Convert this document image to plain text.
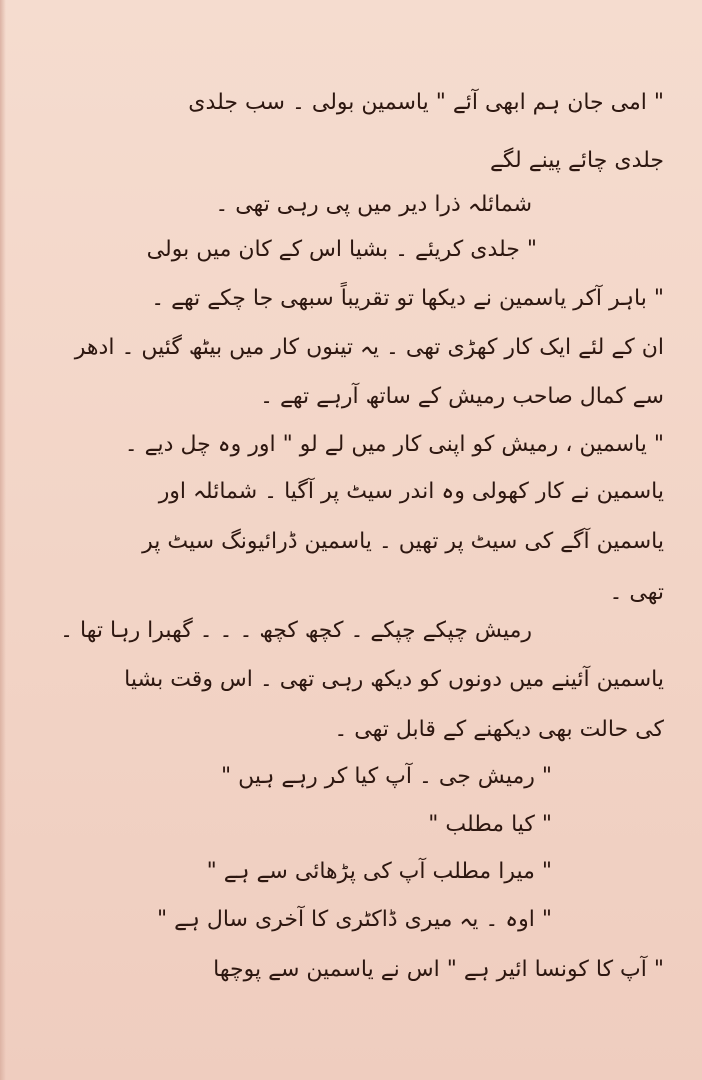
" امی جان ہم ابھی آئے " یاسمین بولی ۔ سب جلدی
جلدی چائے پینے لگے
شمائلہ ذرا دیر میں پی رہی تھی ۔
" جلدی کریئے ۔ بشیا اس کے کان میں بولی
" باہر آکر یاسمین نے دیکھا تو تقریباً سبھی جا چکے تھے ۔
ان کے لئے ایک کار کھڑی تھی ۔ یہ تینوں کار میں بیٹھ گئیں ۔ ادھر
سے کمال صاحب رمیش کے ساتھ آرہے تھے ۔
" یاسمین ، رمیش کو اپنی کار میں لے لو " اور وہ چل دیے ۔
یاسمین نے کار کھولی وہ اندر سیٹ پر آگیا ۔ شمائلہ اور
یاسمین آگے کی سیٹ پر تھیں ۔ یاسمین ڈرائیونگ سیٹ پر
تھی ۔
رمیش چپکے چپکے ۔ کچھ کچھ ۔ ۔ ۔ گھبرا رہا تھا ۔
یاسمین آئینے میں دونوں کو دیکھ رہی تھی ۔ اس وقت بشیا
کی حالت بھی دیکھنے کے قابل تھی ۔
" رمیش جی ۔ آپ کیا کر رہے ہیں "
" کیا مطلب "
" میرا مطلب آپ کی پڑھائی سے ہے "
" اوہ ۔ یہ میری ڈاکٹری کا آخری سال ہے "
" آپ کا کونسا ائیر ہے " اس نے یاسمین سے پوچھا
